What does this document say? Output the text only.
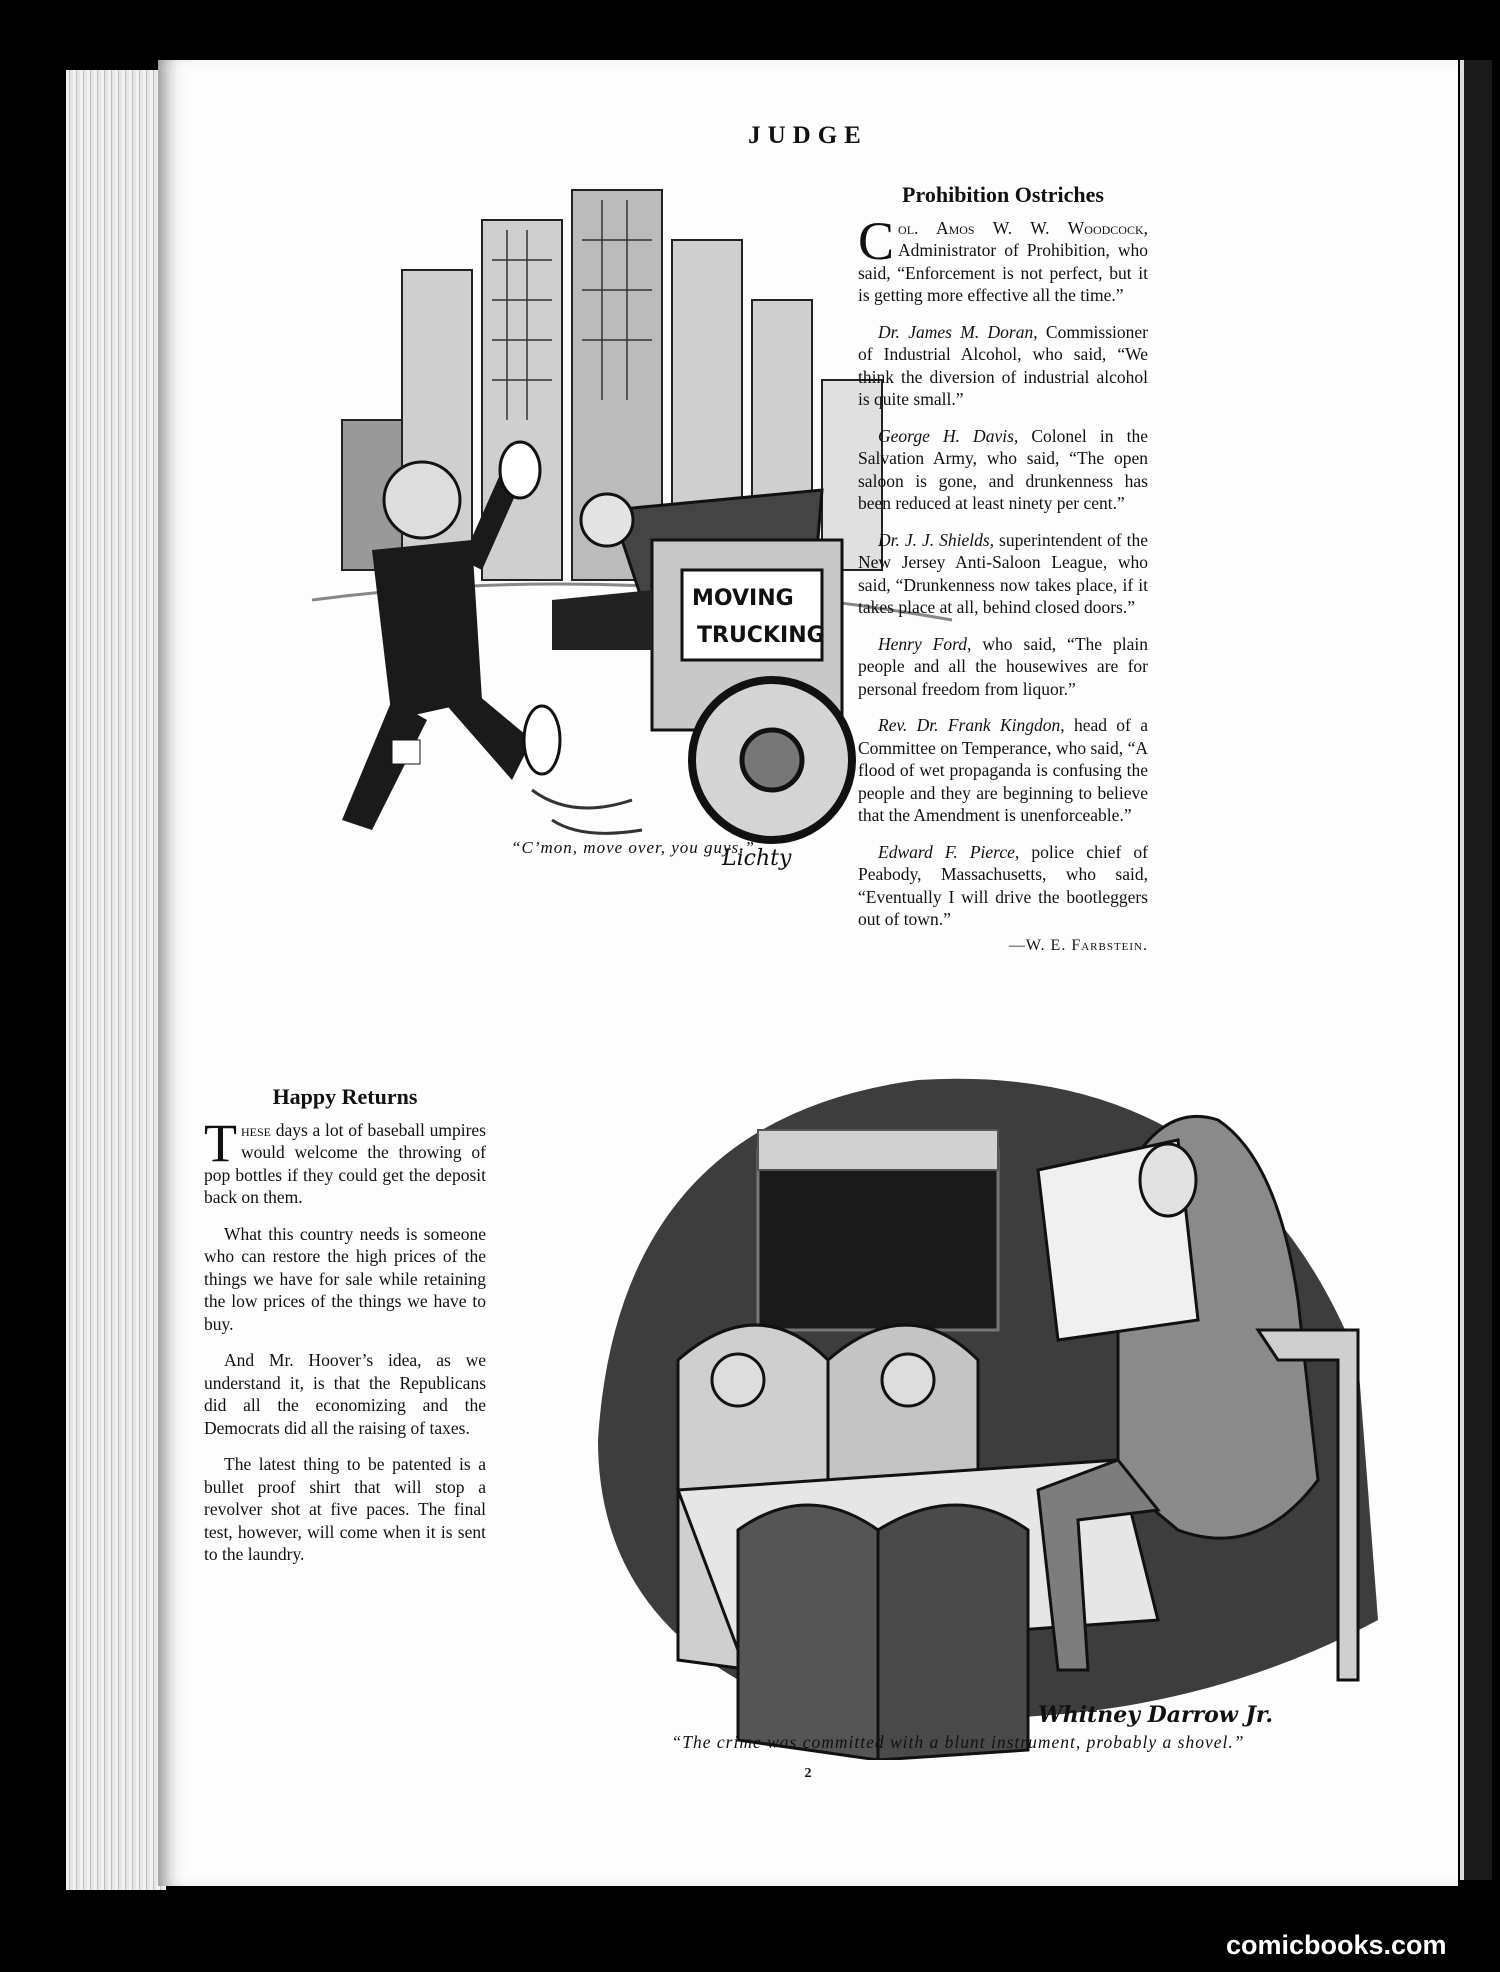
JUDGE
MOVING
TRUCKING
Lichty
“C’mon, move over, you guys.”
Prohibition Ostriches

Col. Amos W. W. Woodcock, Administrator of Prohibition, who said, “Enforcement is not perfect, but it is getting more effective all the time.”

Dr. James M. Doran, Commissioner of Industrial Alcohol, who said, “We think the diversion of industrial alcohol is quite small.”

George H. Davis, Colonel in the Salvation Army, who said, “The open saloon is gone, and drunkenness has been reduced at least ninety per cent.”

Dr. J. J. Shields, superintendent of the New Jersey Anti-Saloon League, who said, “Drunkenness now takes place, if it takes place at all, behind closed doors.”

Henry Ford, who said, “The plain people and all the housewives are for personal freedom from liquor.”

Rev. Dr. Frank Kingdon, head of a Committee on Temperance, who said, “A flood of wet propaganda is confusing the people and they are beginning to believe that the Amendment is unenforceable.”

Edward F. Pierce, police chief of Peabody, Massachusetts, who said, “Eventually I will drive the bootleggers out of town.”

—W. E. Farbstein.
Happy Returns

These days a lot of baseball umpires would welcome the throwing of pop bottles if they could get the deposit back on them.

What this country needs is someone who can restore the high prices of the things we have for sale while retaining the low prices of the things we have to buy.

And Mr. Hoover’s idea, as we understand it, is that the Republicans did all the economizing and the Democrats did all the raising of taxes.

The latest thing to be patented is a bullet proof shirt that will stop a revolver shot at five paces. The final test, however, will come when it is sent to the laundry.

Whitney Darrow Jr.
“The crime was committed with a blunt instrument, probably a shovel.”
2
comicbooks.com
